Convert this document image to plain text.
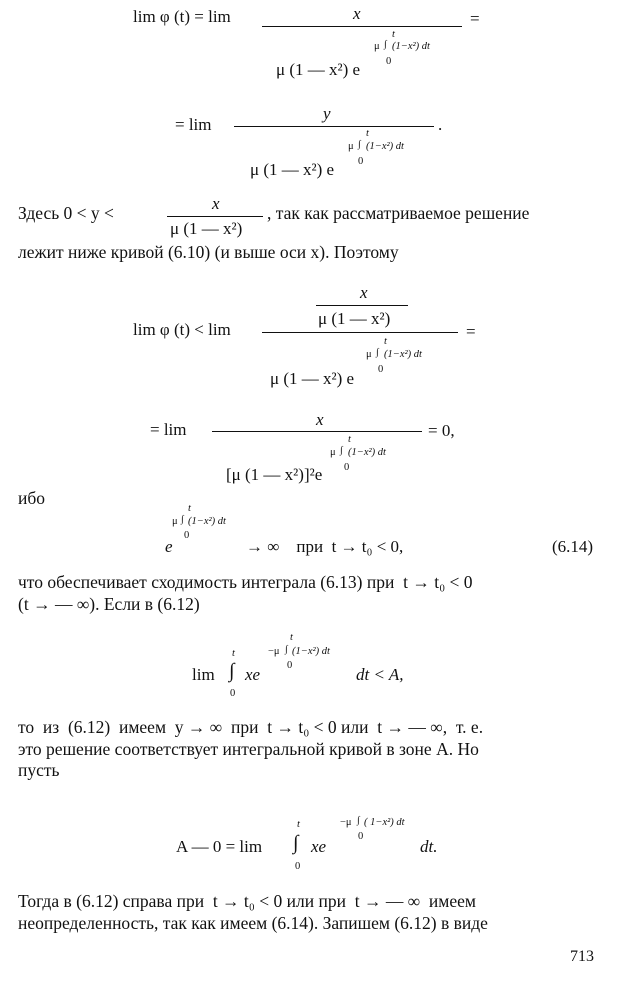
lim φ (t) = lim	x
t
μ ∫ (1−x²) dt
0
μ (1 — x²) e
=
= lim
y
t
μ ∫ (1−x²) dt
0
μ (1 — x²) e
.
Здесь 0 < y <	x
μ (1 — x²)
, так как рассматриваемое решение
лежит ниже кривой (6.10) (и выше оси x). Поэтому
lim φ (t) < lim
x
μ (1 — x²)
t
μ ∫ (1−x²) dt
0
μ (1 — x²) e
=
= lim
x
t
μ ∫ (1−x²) dt
0
[μ (1 — x²)]²e
= 0,
ибо
t
μ ∫ (1−x²) dt
0
e	→ ∞    при  t → t₀ < 0,	(6.14)
что обеспечивает сходимость интеграла (6.13) при  t → t₀ < 0
(t → — ∞). Если в (6.12)
lim
t
∫
0
xe
t
−μ ∫ (1−x²) dt
0	dt < A,
то  из  (6.12)  имеем  y → ∞  при  t → t₀ < 0 или  t → — ∞,  т. е.
это решение соответствует интегральной кривой в зоне A. Но
пусть
A — 0 = lim
t
∫
0
xe
−μ ∫ ( 1−x²) dt
0
dt.
Тогда в (6.12) справа при  t → t₀ < 0 или при  t → — ∞  имеем
неопределенность, так как имеем (6.14). Запишем (6.12) в виде
713
